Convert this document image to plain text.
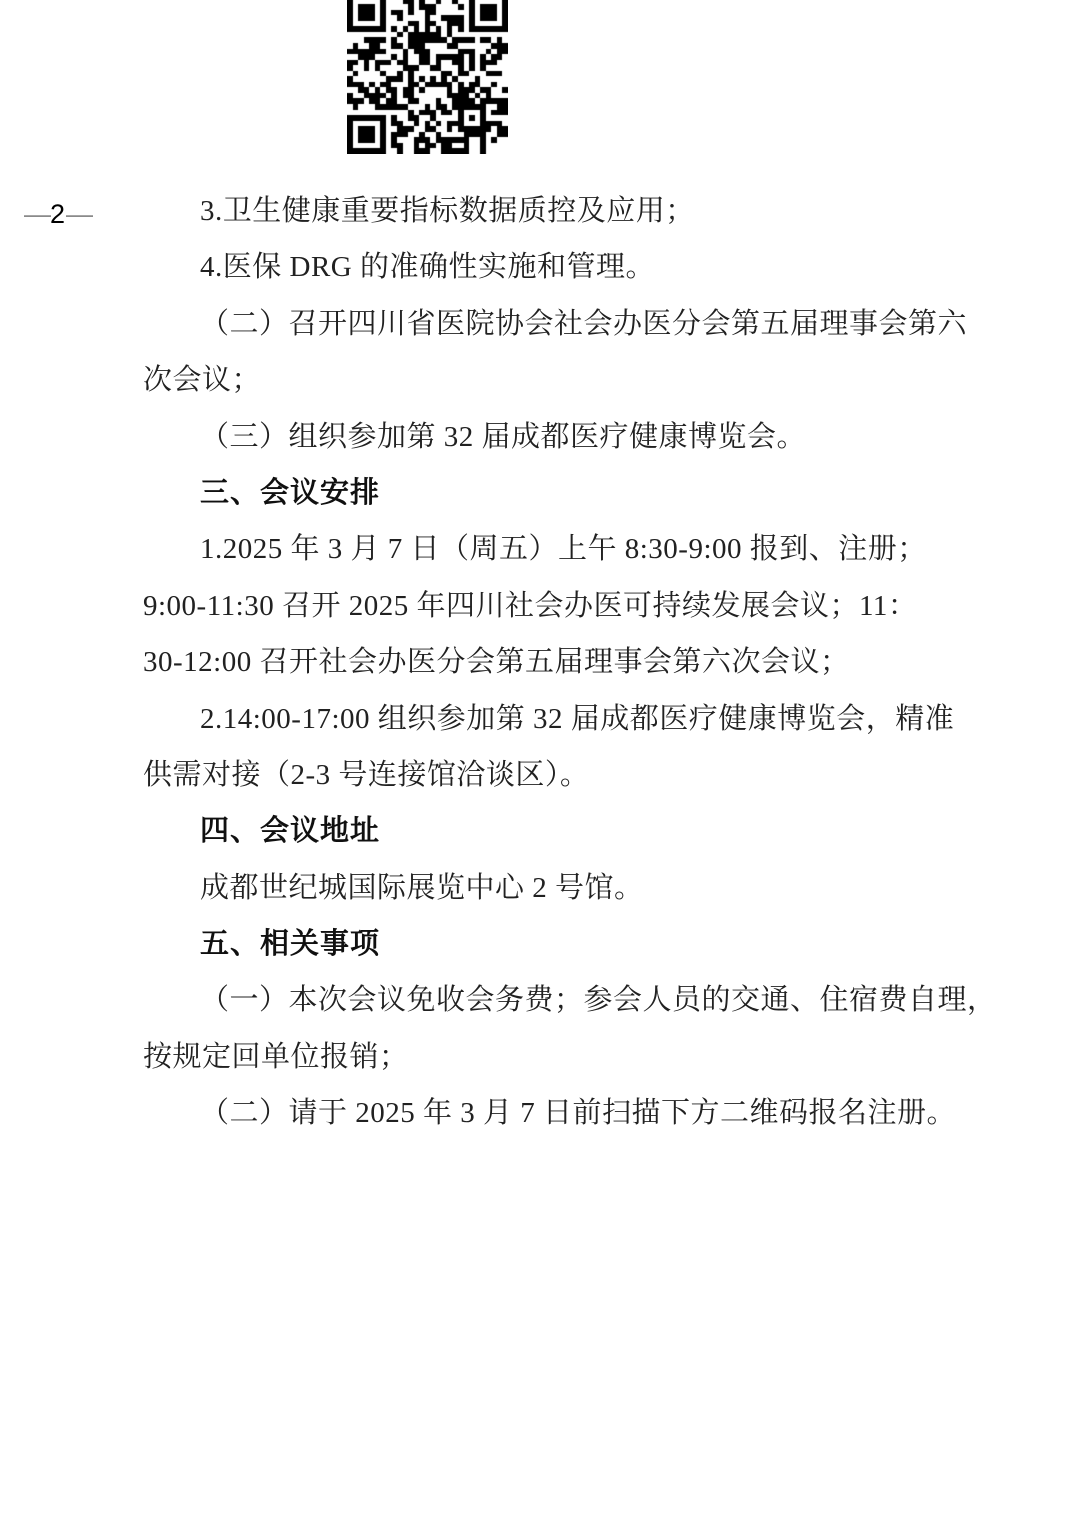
3.卫生健康重要指标数据质控及应用；
4.医保 DRG 的准确性实施和管理。
（二）召开四川省医院协会社会办医分会第五届理事会第六
次会议；
（三）组织参加第 32 届成都医疗健康博览会。
三、会议安排
1.2025 年 3 月 7 日（周五）上午 8:30-9:00 报到、注册；
9:00-11:30 召开 2025 年四川社会办医可持续发展会议；11：
30-12:00 召开社会办医分会第五届理事会第六次会议；
2.14:00-17:00 组织参加第 32 届成都医疗健康博览会，精准
供需对接（2-3 号连接馆洽谈区）。
四、会议地址
成都世纪城国际展览中心 2 号馆。
五、相关事项
（一）本次会议免收会务费；参会人员的交通、住宿费自理，
按规定回单位报销；
（二）请于 2025 年 3 月 7 日前扫描下方二维码报名注册。
—2—
